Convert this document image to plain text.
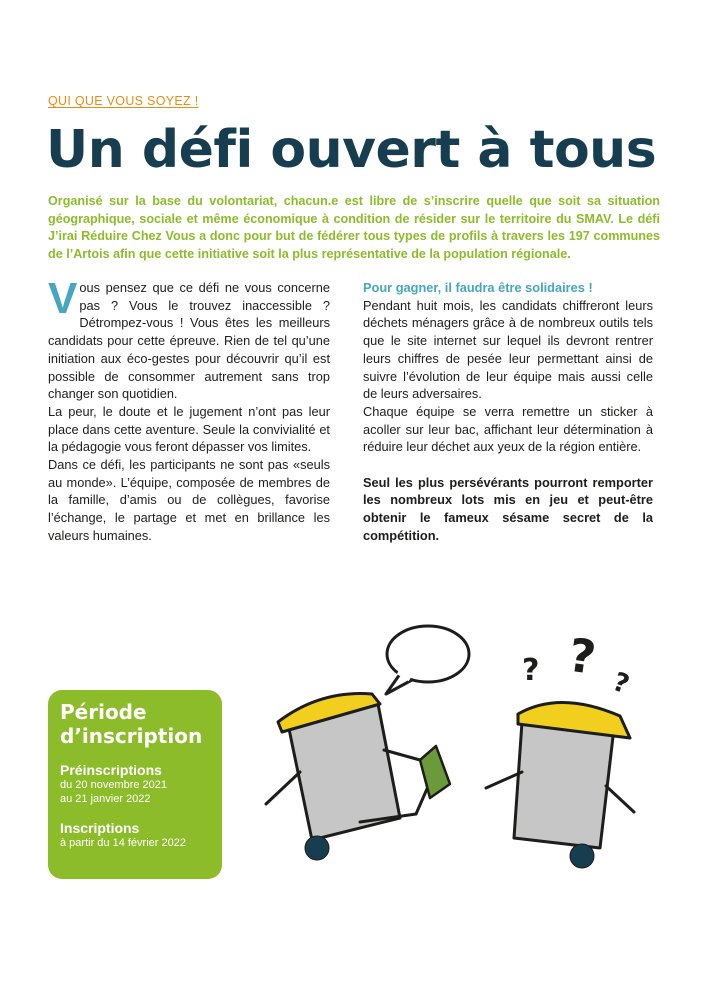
QUI QUE VOUS SOYEZ !
Un défi ouvert à tous

Organisé sur la base du volontariat, chacun.e est libre de s’inscrire quelle que soit sa situation géographique, sociale et même économique à condition de résider sur le territoire du SMAV. Le défi J’irai Réduire Chez Vous a donc pour but de fédérer tous types de profils à travers les 197 communes de l’Artois afin que cette initiative soit la plus représentative de la population régionale.

Vous pensez que ce défi ne vous concerne pas ? Vous le trouvez inaccessible ? Détrompez-vous ! Vous êtes les meilleurs candidats pour cette épreuve. Rien de tel qu’une initiation aux éco-gestes pour découvrir qu’il est possible de consommer autrement sans trop changer son quotidien.

La peur, le doute et le jugement n’ont pas leur place dans cette aventure. Seule la convivialité et la pédagogie vous feront dépasser vos limites.

Dans ce défi, les participants ne sont pas «seuls au monde». L’équipe, composée de membres de la famille, d’amis ou de collègues, favorise l’échange, le partage et met en brillance les valeurs humaines.

Pour gagner, il faudra être solidaires !

Pendant huit mois, les candidats chiffreront leurs déchets ménagers grâce à de nombreux outils tels que le site internet sur lequel ils devront rentrer leurs chiffres de pesée leur permettant ainsi de suivre l’évolution de leur équipe mais aussi celle de leurs adversaires.

Chaque équipe se verra remettre un sticker à acoller sur leur bac, affichant leur détermination à réduire leur déchet aux yeux de la région entière.

Seul les plus persévérants pourront remporter les nombreux lots mis en jeu et peut-être obtenir le fameux sésame secret de la compétition.

Période
d’inscription
Préinscriptions
du 20 novembre 2021
au 21 janvier 2022
Inscriptions
à partir du 14 février 2022
? ? ?
